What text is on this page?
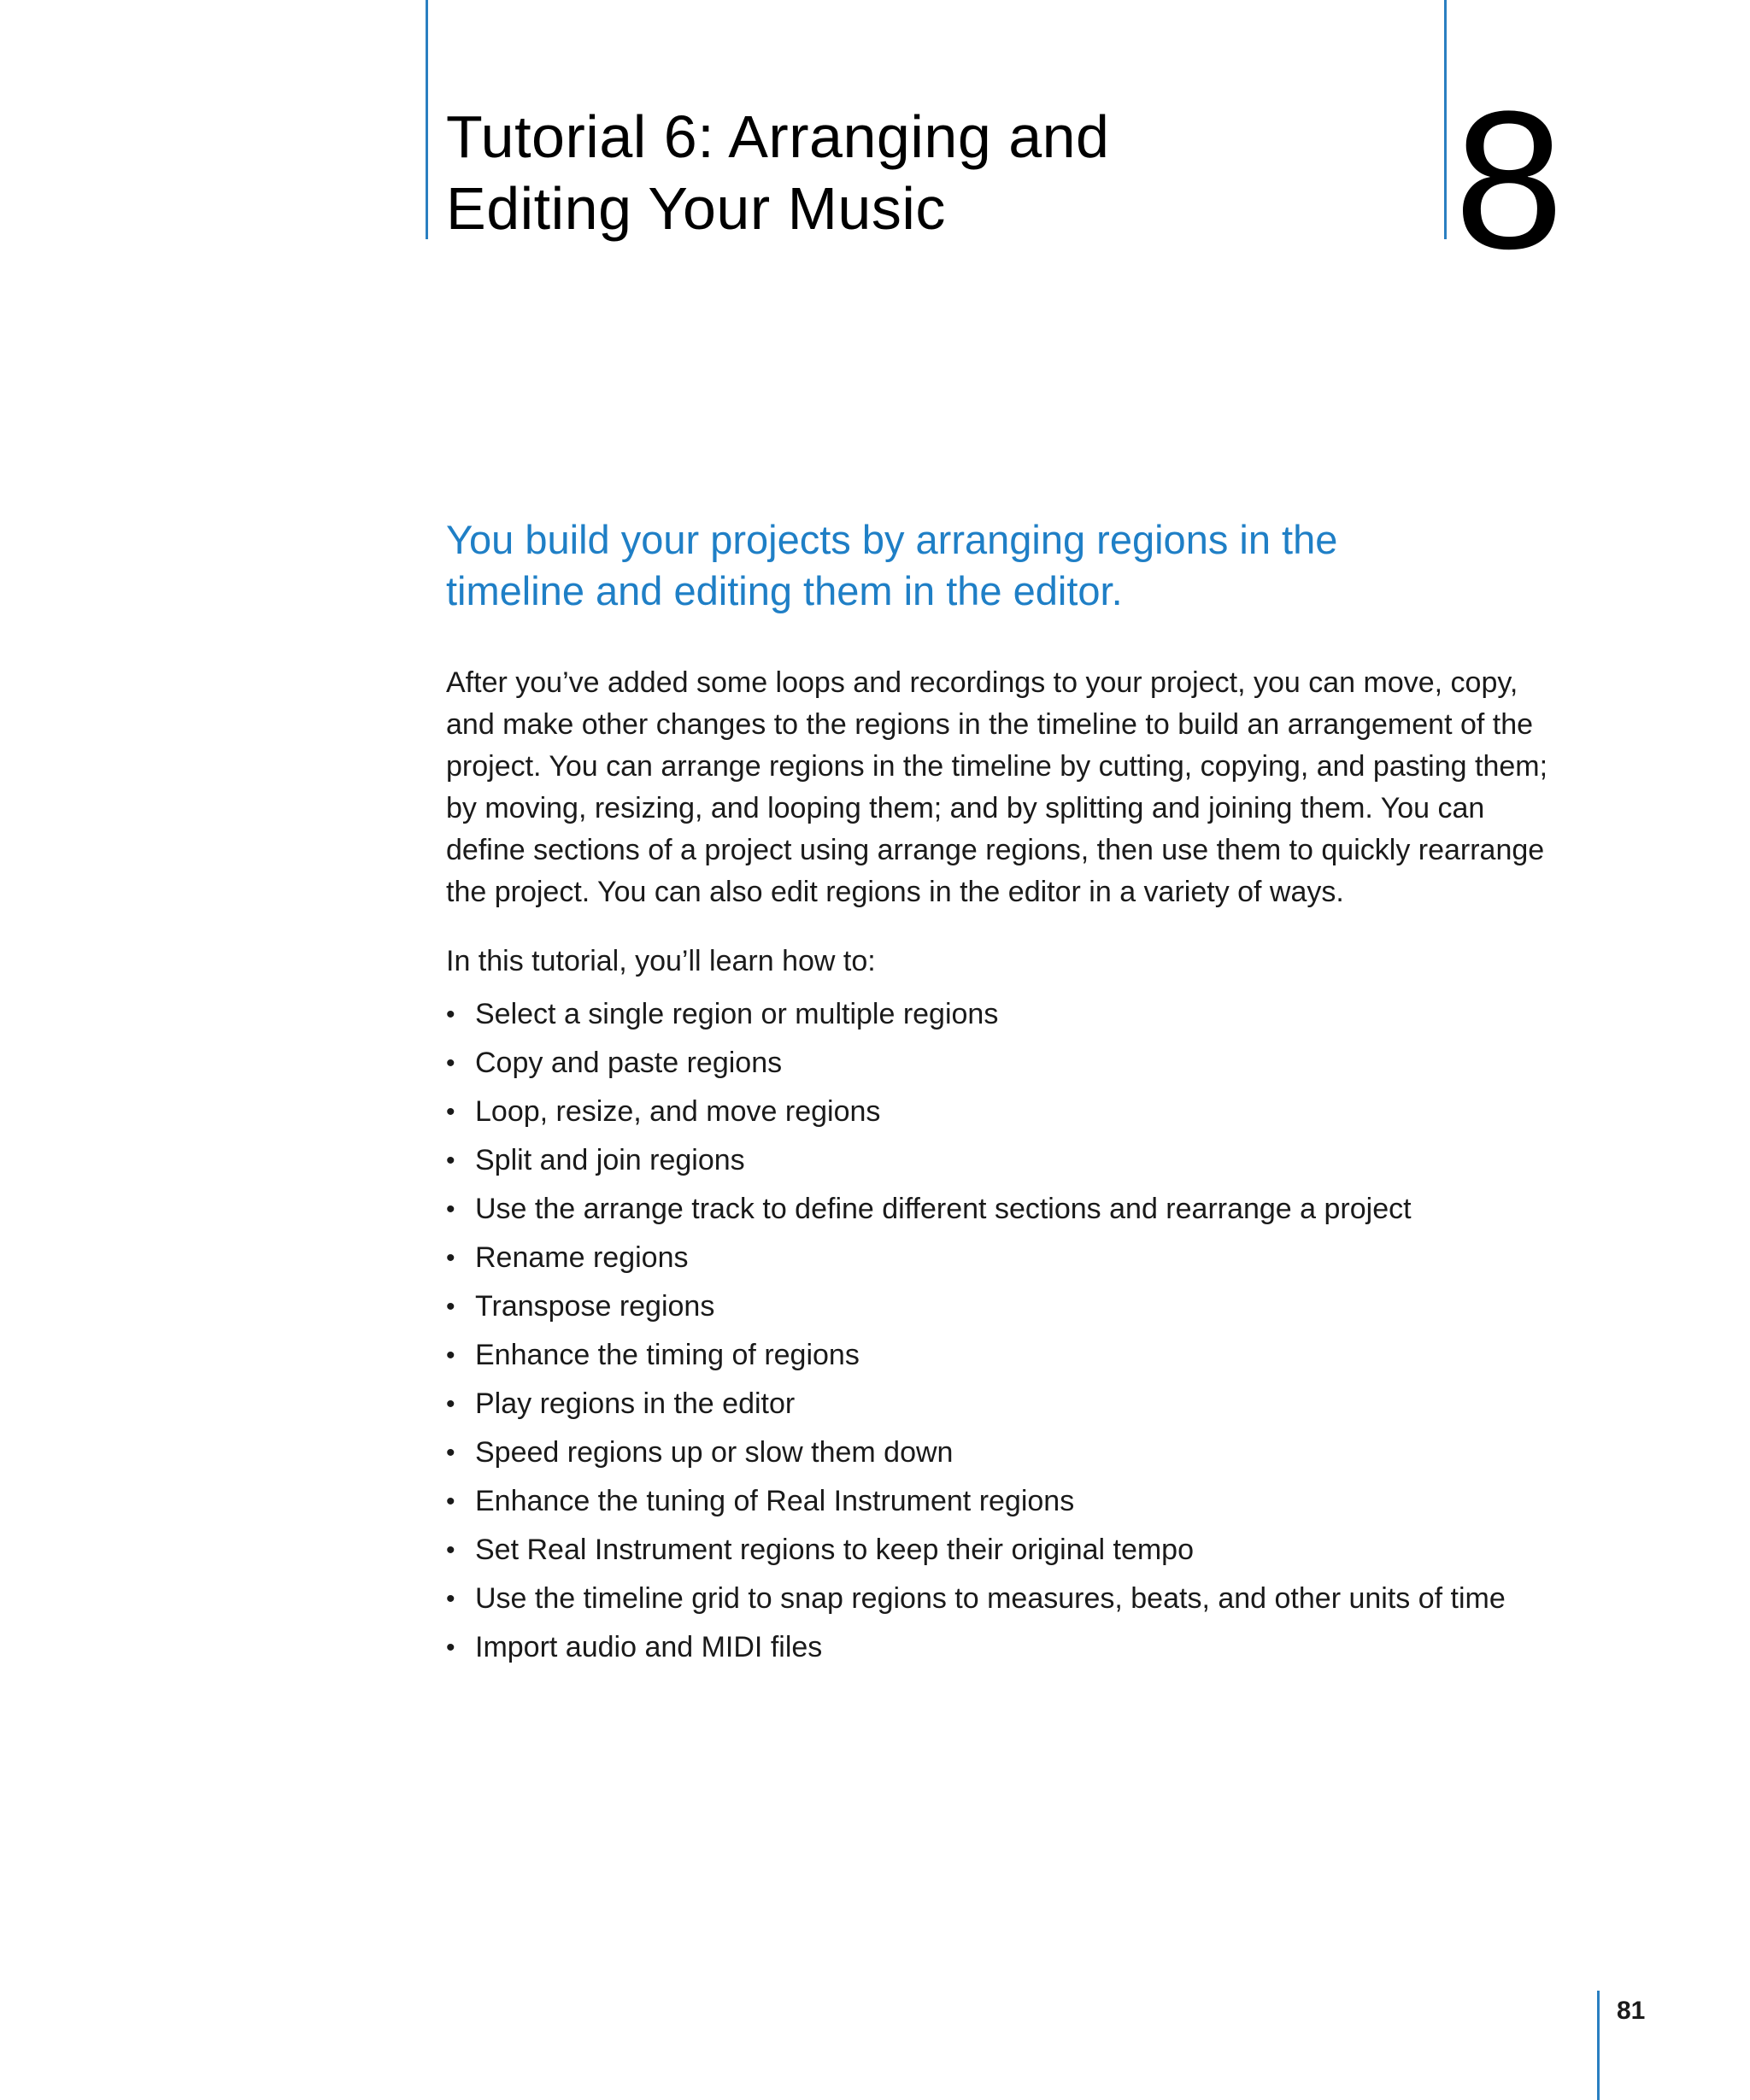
Tutorial 6: Arranging and
Editing Your Music	8
You build your projects by arranging regions in the
timeline and editing them in the editor.

After you’ve added some loops and recordings to your project, you can move, copy,
and make other changes to the regions in the timeline to build an arrangement of the
project. You can arrange regions in the timeline by cutting, copying, and pasting them;
by moving, resizing, and looping them; and by splitting and joining them. You can
define sections of a project using arrange regions, then use them to quickly rearrange
the project. You can also edit regions in the editor in a variety of ways.

In this tutorial, you’ll learn how to:

• Select a single region or multiple regions
• Copy and paste regions
• Loop, resize, and move regions
• Split and join regions
• Use the arrange track to define different sections and rearrange a project
• Rename regions
• Transpose regions
• Enhance the timing of regions
• Play regions in the editor
• Speed regions up or slow them down
• Enhance the tuning of Real Instrument regions
• Set Real Instrument regions to keep their original tempo
• Use the timeline grid to snap regions to measures, beats, and other units of time
• Import audio and MIDI files
81
